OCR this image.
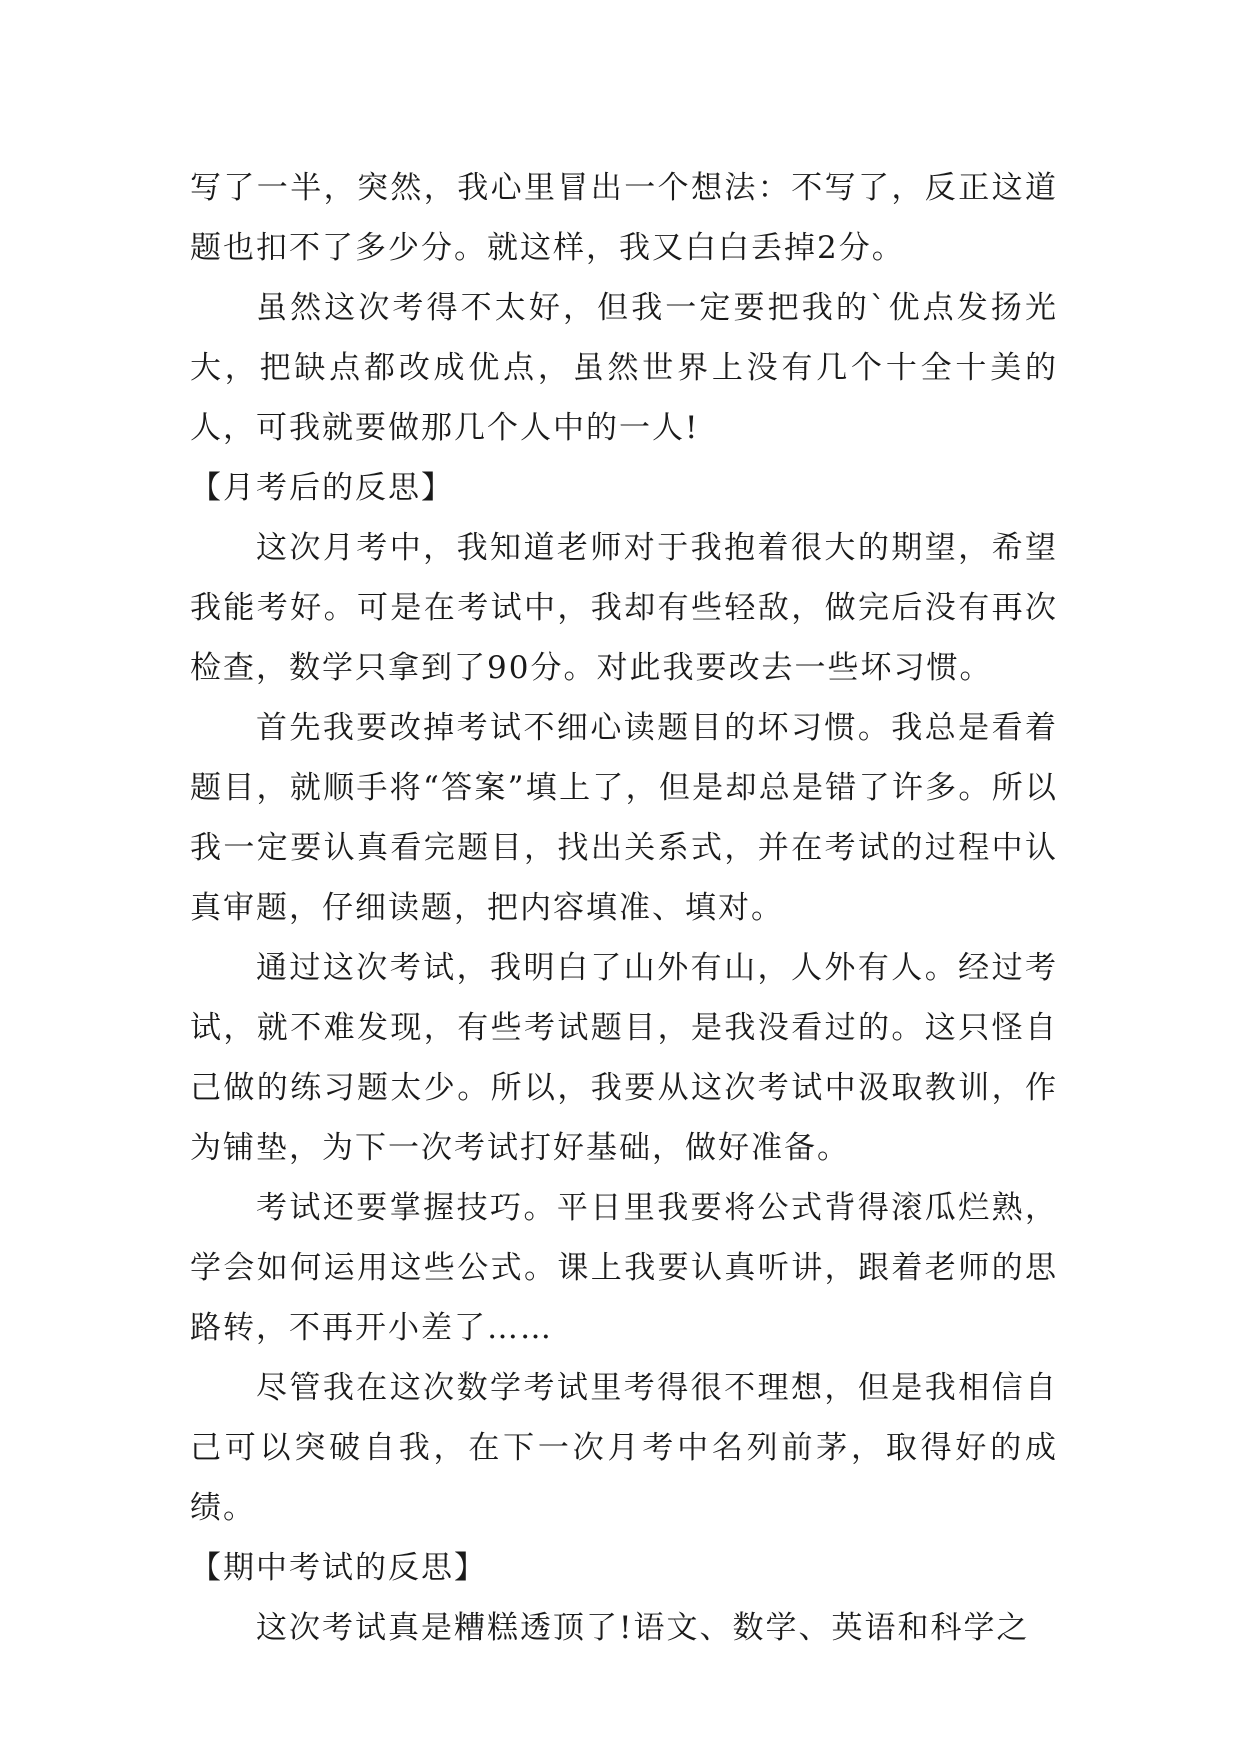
写了一半，突然，我心里冒出一个想法：不写了，反正这道题也扣不了多少分。就这样，我又白白丢掉2分。

虽然这次考得不太好，但我一定要把我的`优点发扬光大，把缺点都改成优点，虽然世界上没有几个十全十美的人，可我就要做那几个人中的一人!

【月考后的反思】

这次月考中，我知道老师对于我抱着很大的期望，希望我能考好。可是在考试中，我却有些轻敌，做完后没有再次检查，数学只拿到了90分。对此我要改去一些坏习惯。

首先我要改掉考试不细心读题目的坏习惯。我总是看着题目，就顺手将“答案”填上了，但是却总是错了许多。所以我一定要认真看完题目，找出关系式，并在考试的过程中认真审题，仔细读题，把内容填准、填对。

通过这次考试，我明白了山外有山，人外有人。经过考试，就不难发现，有些考试题目，是我没看过的。这只怪自己做的练习题太少。所以，我要从这次考试中汲取教训，作为铺垫，为下一次考试打好基础，做好准备。

考试还要掌握技巧。平日里我要将公式背得滚瓜烂熟，学会如何运用这些公式。课上我要认真听讲，跟着老师的思路转，不再开小差了……

尽管我在这次数学考试里考得很不理想，但是我相信自己可以突破自我，在下一次月考中名列前茅，取得好的成绩。

【期中考试的反思】

这次考试真是糟糕透顶了!语文、数学、英语和科学之
